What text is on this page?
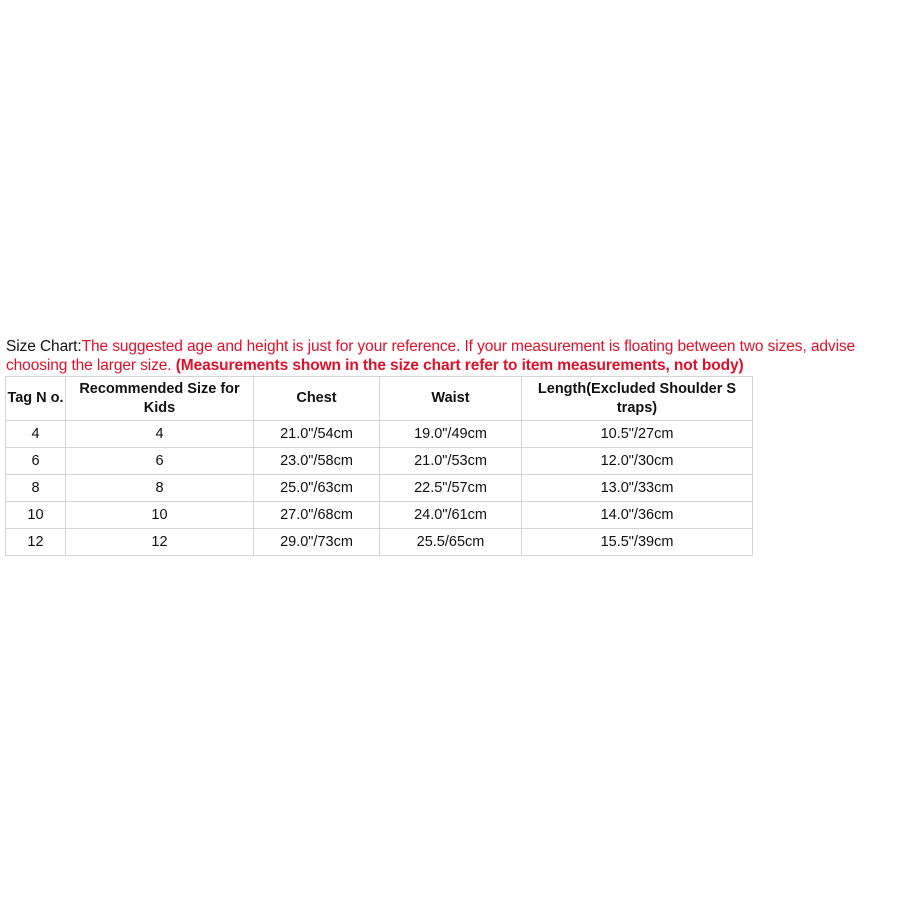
Size Chart:The suggested age and height is just for your reference. If your measurement is floating between two sizes, advise choosing the larger size. (Measurements shown in the size chart refer to item measurements, not body)
Tag N o.	Recommended Size for Kids	Chest	Waist	Length(Excluded Shoulder S traps)
4	4	21.0"/54cm	19.0"/49cm	10.5"/27cm
6	6	23.0"/58cm	21.0"/53cm	12.0"/30cm
8	8	25.0"/63cm	22.5"/57cm	13.0"/33cm
10	10	27.0"/68cm	24.0"/61cm	14.0"/36cm
12	12	29.0"/73cm	25.5/65cm	15.5"/39cm
